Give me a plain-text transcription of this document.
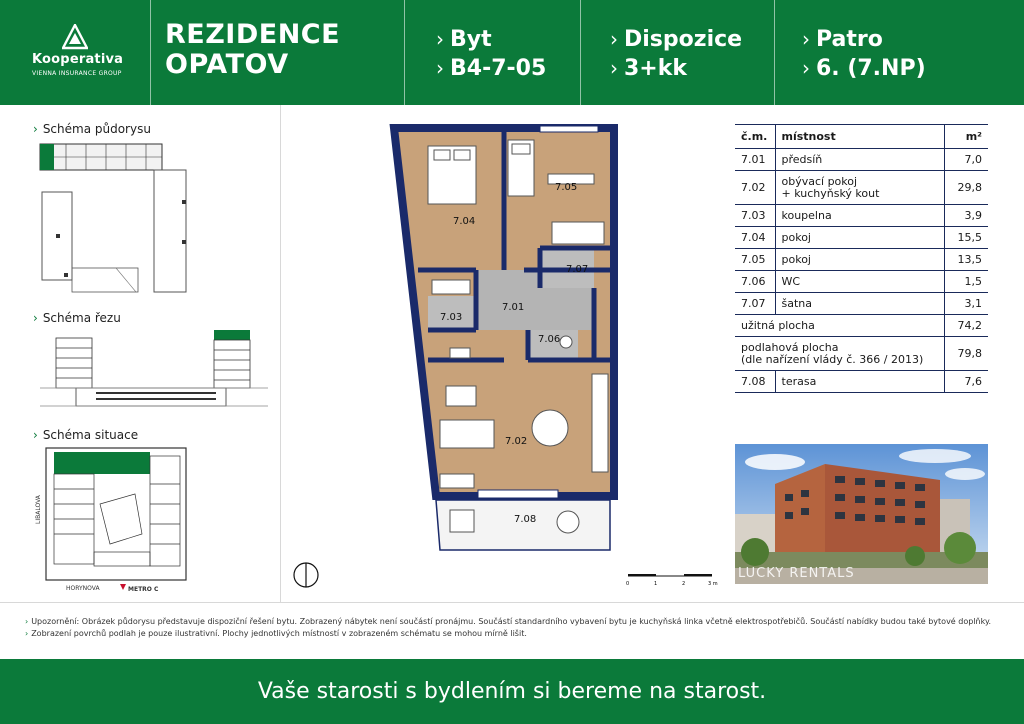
Kooperativa
VIENNA INSURANCE GROUP
REZIDENCE
OPATOV
› Byt
› B4-7-05
› Dispozice
› 3+kk
› Patro
› 6. (7.NP)
› Schéma půdorysu
› Schéma řezu
› Schéma situace
LIBALOVA
HORYNOVA	METRO C
7.04
7.05
7.07
7.01
7.03
7.06
7.02
7.08
0	1	2	3 m
č.m.	místnost	m²
7.01	předsíň	7,0
7.02	obývací pokoj
+ kuchyňský kout	29,8
7.03	koupelna	3,9
7.04	pokoj	15,5
7.05	pokoj	13,5
7.06	WC	1,5
7.07	šatna	3,1
užitná plocha		74,2

podlahová plocha
(dle nařízení vlády č. 366 / 2013)		79,8
7.08	terasa	7,6
LUCKY RENTALS
› Upozornění: Obrázek půdorysu představuje dispoziční řešení bytu. Zobrazený nábytek není součástí pronájmu. Součástí standardního vybavení bytu je kuchyňská linka včetně elektrospotřebičů. Součástí nabídky budou také bytové doplňky.
› Zobrazení povrchů podlah je pouze ilustrativní. Plochy jednotlivých místností v zobrazeném schématu se mohou mírně lišit.
Vaše starosti s bydlením si bereme na starost.
